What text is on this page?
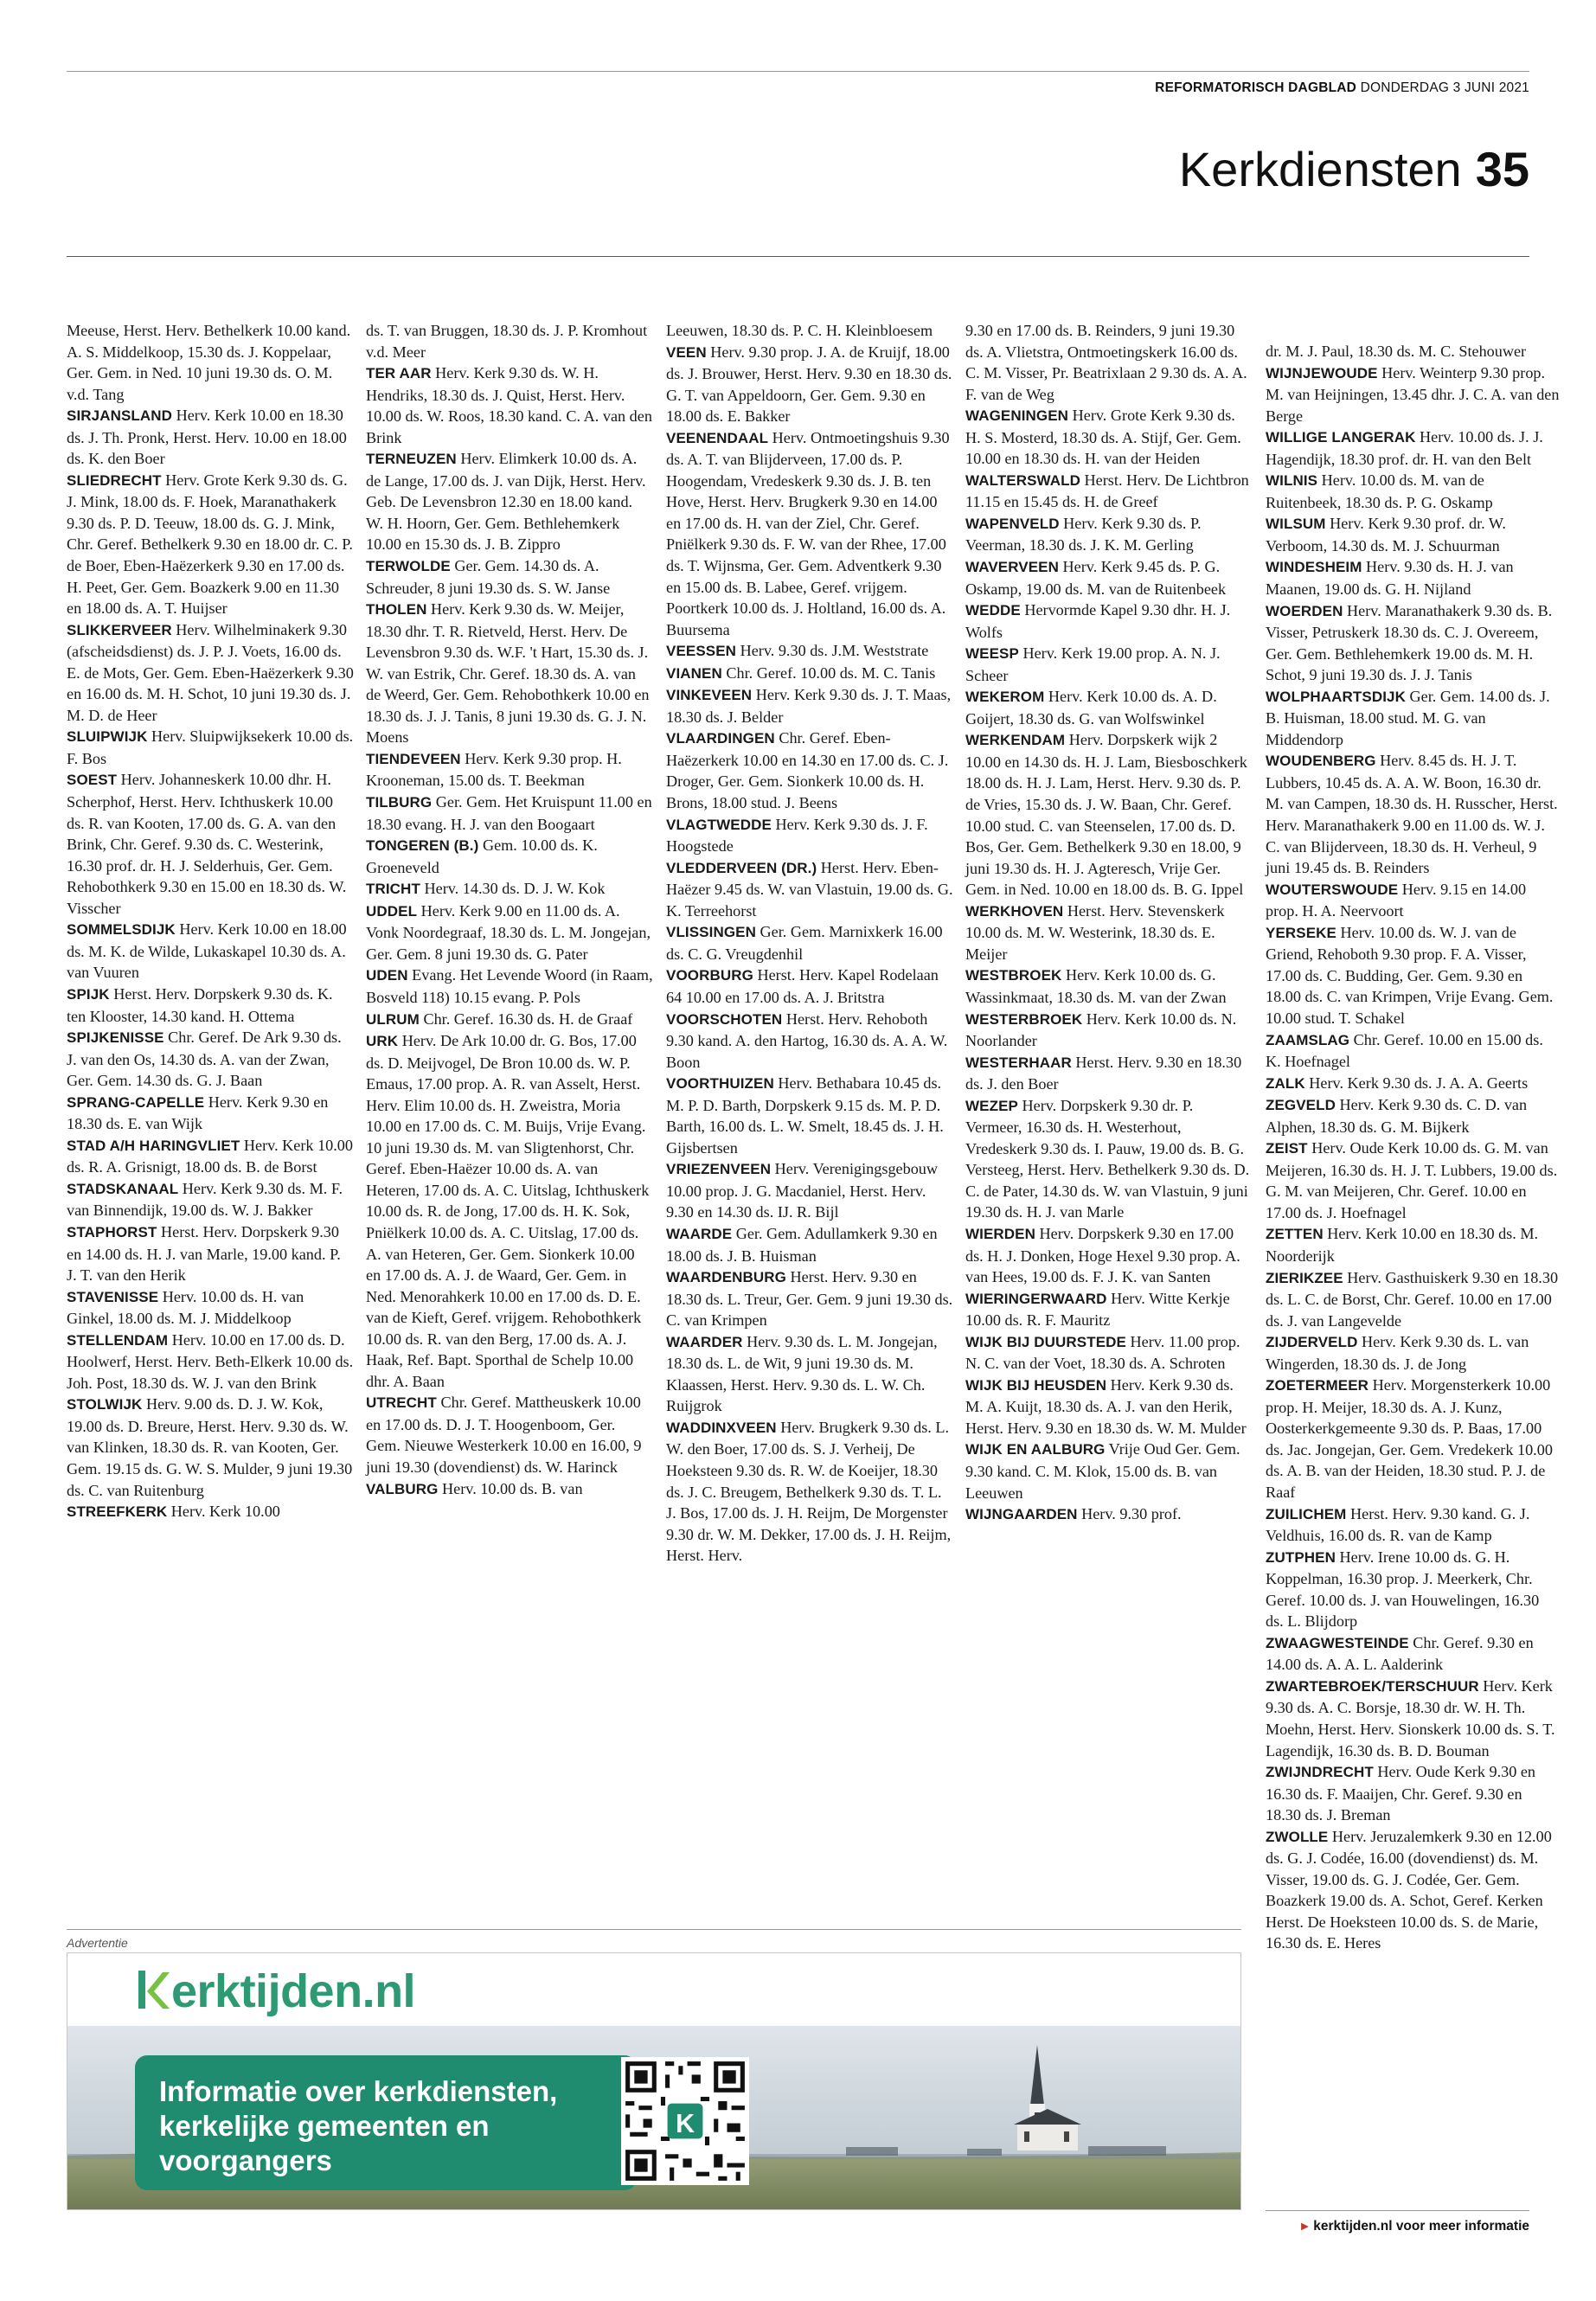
REFORMATORISCH DAGBLAD DONDERDAG 3 JUNI 2021
Kerkdiensten 35

Meeuse, Herst. Herv. Bethelkerk 10.00 kand. A. S. Middelkoop, 15.30 ds. J. Koppelaar, Ger. Gem. in Ned. 10 juni 19.30 ds. O. M. v.d. Tang

SIRJANSLAND Herv. Kerk 10.00 en 18.30 ds. J. Th. Pronk, Herst. Herv. 10.00 en 18.00 ds. K. den Boer

SLIEDRECHT Herv. Grote Kerk 9.30 ds. G. J. Mink, 18.00 ds. F. Hoek, Maranathakerk 9.30 ds. P. D. Teeuw, 18.00 ds. G. J. Mink, Chr. Geref. Bethelkerk 9.30 en 18.00 dr. C. P. de Boer, Eben-Haëzerkerk 9.30 en 17.00 ds. H. Peet, Ger. Gem. Boazkerk 9.00 en 11.30 en 18.00 ds. A. T. Huijser

SLIKKERVEER Herv. Wilhelminakerk 9.30 (afscheidsdienst) ds. J. P. J. Voets, 16.00 ds. E. de Mots, Ger. Gem. Eben-Haëzerkerk 9.30 en 16.00 ds. M. H. Schot, 10 juni 19.30 ds. J. M. D. de Heer

SLUIPWIJK Herv. Sluipwijksekerk 10.00 ds. F. Bos

SOEST Herv. Johanneskerk 10.00 dhr. H. Scherphof, Herst. Herv. Ichthuskerk 10.00 ds. R. van Kooten, 17.00 ds. G. A. van den Brink, Chr. Geref. 9.30 ds. C. Westerink, 16.30 prof. dr. H. J. Selderhuis, Ger. Gem. Rehobothkerk 9.30 en 15.00 en 18.30 ds. W. Visscher

SOMMELSDIJK Herv. Kerk 10.00 en 18.00 ds. M. K. de Wilde, Lukaskapel 10.30 ds. A. van Vuuren

SPIJK Herst. Herv. Dorpskerk 9.30 ds. K. ten Klooster, 14.30 kand. H. Ottema

SPIJKENISSE Chr. Geref. De Ark 9.30 ds. J. van den Os, 14.30 ds. A. van der Zwan, Ger. Gem. 14.30 ds. G. J. Baan

SPRANG-CAPELLE Herv. Kerk 9.30 en 18.30 ds. E. van Wijk

STAD A/H HARINGVLIET Herv. Kerk 10.00 ds. R. A. Grisnigt, 18.00 ds. B. de Borst

STADSKANAAL Herv. Kerk 9.30 ds. M. F. van Binnendijk, 19.00 ds. W. J. Bakker

STAPHORST Herst. Herv. Dorpskerk 9.30 en 14.00 ds. H. J. van Marle, 19.00 kand. P. J. T. van den Herik

STAVENISSE Herv. 10.00 ds. H. van Ginkel, 18.00 ds. M. J. Middelkoop

STELLENDAM Herv. 10.00 en 17.00 ds. D. Hoolwerf, Herst. Herv. Beth-Elkerk 10.00 ds. Joh. Post, 18.30 ds. W. J. van den Brink

STOLWIJK Herv. 9.00 ds. D. J. W. Kok, 19.00 ds. D. Breure, Herst. Herv. 9.30 ds. W. van Klinken, 18.30 ds. R. van Kooten, Ger. Gem. 19.15 ds. G. W. S. Mulder, 9 juni 19.30 ds. C. van Ruitenburg

STREEFKERK Herv. Kerk 10.00

ds. T. van Bruggen, 18.30 ds. J. P. Kromhout v.d. Meer

TER AAR Herv. Kerk 9.30 ds. W. H. Hendriks, 18.30 ds. J. Quist, Herst. Herv. 10.00 ds. W. Roos, 18.30 kand. C. A. van den Brink

TERNEUZEN Herv. Elimkerk 10.00 ds. A. de Lange, 17.00 ds. J. van Dijk, Herst. Herv. Geb. De Levensbron 12.30 en 18.00 kand. W. H. Hoorn, Ger. Gem. Bethlehemkerk 10.00 en 15.30 ds. J. B. Zippro

TERWOLDE Ger. Gem. 14.30 ds. A. Schreuder, 8 juni 19.30 ds. S. W. Janse

THOLEN Herv. Kerk 9.30 ds. W. Meijer, 18.30 dhr. T. R. Rietveld, Herst. Herv. De Levensbron 9.30 ds. W.F. 't Hart, 15.30 ds. J. W. van Estrik, Chr. Geref. 18.30 ds. A. van de Weerd, Ger. Gem. Rehobothkerk 10.00 en 18.30 ds. J. J. Tanis, 8 juni 19.30 ds. G. J. N. Moens

TIENDEVEEN Herv. Kerk 9.30 prop. H. Krooneman, 15.00 ds. T. Beekman

TILBURG Ger. Gem. Het Kruispunt 11.00 en 18.30 evang. H. J. van den Boogaart

TONGEREN (B.) Gem. 10.00 ds. K. Groeneveld

TRICHT Herv. 14.30 ds. D. J. W. Kok

UDDEL Herv. Kerk 9.00 en 11.00 ds. A. Vonk Noordegraaf, 18.30 ds. L. M. Jongejan, Ger. Gem. 8 juni 19.30 ds. G. Pater

UDEN Evang. Het Levende Woord (in Raam, Bosveld 118) 10.15 evang. P. Pols

ULRUM Chr. Geref. 16.30 ds. H. de Graaf

URK Herv. De Ark 10.00 dr. G. Bos, 17.00 ds. D. Meijvogel, De Bron 10.00 ds. W. P. Emaus, 17.00 prop. A. R. van Asselt, Herst. Herv. Elim 10.00 ds. H. Zweistra, Moria 10.00 en 17.00 ds. C. M. Buijs, Vrije Evang. 10 juni 19.30 ds. M. van Sligtenhorst, Chr. Geref. Eben-Haëzer 10.00 ds. A. van Heteren, 17.00 ds. A. C. Uitslag, Ichthuskerk 10.00 ds. R. de Jong, 17.00 ds. H. K. Sok, Pniëlkerk 10.00 ds. A. C. Uitslag, 17.00 ds. A. van Heteren, Ger. Gem. Sionkerk 10.00 en 17.00 ds. A. J. de Waard, Ger. Gem. in Ned. Menorahkerk 10.00 en 17.00 ds. D. E. van de Kieft, Geref. vrijgem. Rehobothkerk 10.00 ds. R. van den Berg, 17.00 ds. A. J. Haak, Ref. Bapt. Sporthal de Schelp 10.00 dhr. A. Baan

UTRECHT Chr. Geref. Mattheuskerk 10.00 en 17.00 ds. D. J. T. Hoogenboom, Ger. Gem. Nieuwe Westerkerk 10.00 en 16.00, 9 juni 19.30 (dovendienst) ds. W. Harinck

VALBURG Herv. 10.00 ds. B. van

Leeuwen, 18.30 ds. P. C. H. Kleinbloesem

VEEN Herv. 9.30 prop. J. A. de Kruijf, 18.00 ds. J. Brouwer, Herst. Herv. 9.30 en 18.30 ds. G. T. van Appeldoorn, Ger. Gem. 9.30 en 18.00 ds. E. Bakker

VEENENDAAL Herv. Ontmoetingshuis 9.30 ds. A. T. van Blijderveen, 17.00 ds. P. Hoogendam, Vredeskerk 9.30 ds. J. B. ten Hove, Herst. Herv. Brugkerk 9.30 en 14.00 en 17.00 ds. H. van der Ziel, Chr. Geref. Pniëlkerk 9.30 ds. F. W. van der Rhee, 17.00 ds. T. Wijnsma, Ger. Gem. Adventkerk 9.30 en 15.00 ds. B. Labee, Geref. vrijgem. Poortkerk 10.00 ds. J. Holtland, 16.00 ds. A. Buursema

VEESSEN Herv. 9.30 ds. J.M. Weststrate

VIANEN Chr. Geref. 10.00 ds. M. C. Tanis

VINKEVEEN Herv. Kerk 9.30 ds. J. T. Maas, 18.30 ds. J. Belder

VLAARDINGEN Chr. Geref. Eben-Haëzerkerk 10.00 en 14.30 en 17.00 ds. C. J. Droger, Ger. Gem. Sionkerk 10.00 ds. H. Brons, 18.00 stud. J. Beens

VLAGTWEDDE Herv. Kerk 9.30 ds. J. F. Hoogstede

VLEDDERVEEN (DR.) Herst. Herv. Eben-Haëzer 9.45 ds. W. van Vlastuin, 19.00 ds. G. K. Terreehorst

VLISSINGEN Ger. Gem. Marnixkerk 16.00 ds. C. G. Vreugdenhil

VOORBURG Herst. Herv. Kapel Rodelaan 64 10.00 en 17.00 ds. A. J. Britstra

VOORSCHOTEN Herst. Herv. Rehoboth 9.30 kand. A. den Hartog, 16.30 ds. A. A. W. Boon

VOORTHUIZEN Herv. Bethabara 10.45 ds. M. P. D. Barth, Dorpskerk 9.15 ds. M. P. D. Barth, 16.00 ds. L. W. Smelt, 18.45 ds. J. H. Gijsbertsen

VRIEZENVEEN Herv. Verenigingsgebouw 10.00 prop. J. G. Macdaniel, Herst. Herv. 9.30 en 14.30 ds. IJ. R. Bijl

WAARDE Ger. Gem. Adullamkerk 9.30 en 18.00 ds. J. B. Huisman

WAARDENBURG Herst. Herv. 9.30 en 18.30 ds. L. Treur, Ger. Gem. 9 juni 19.30 ds. C. van Krimpen

WAARDER Herv. 9.30 ds. L. M. Jongejan, 18.30 ds. L. de Wit, 9 juni 19.30 ds. M. Klaassen, Herst. Herv. 9.30 ds. L. W. Ch. Ruijgrok

WADDINXVEEN Herv. Brugkerk 9.30 ds. L. W. den Boer, 17.00 ds. S. J. Verheij, De Hoeksteen 9.30 ds. R. W. de Koeijer, 18.30 ds. J. C. Breugem, Bethelkerk 9.30 ds. T. L. J. Bos, 17.00 ds. J. H. Reijm, De Morgenster 9.30 dr. W. M. Dekker, 17.00 ds. J. H. Reijm, Herst. Herv.

9.30 en 17.00 ds. B. Reinders, 9 juni 19.30 ds. A. Vlietstra, Ontmoetingskerk 16.00 ds. C. M. Visser, Pr. Beatrixlaan 2 9.30 ds. A. A. F. van de Weg

WAGENINGEN Herv. Grote Kerk 9.30 ds. H. S. Mosterd, 18.30 ds. A. Stijf, Ger. Gem. 10.00 en 18.30 ds. H. van der Heiden

WALTERSWALD Herst. Herv. De Lichtbron 11.15 en 15.45 ds. H. de Greef

WAPENVELD Herv. Kerk 9.30 ds. P. Veerman, 18.30 ds. J. K. M. Gerling

WAVERVEEN Herv. Kerk 9.45 ds. P. G. Oskamp, 19.00 ds. M. van de Ruitenbeek

WEDDE Hervormde Kapel 9.30 dhr. H. J. Wolfs

WEESP Herv. Kerk 19.00 prop. A. N. J. Scheer

WEKEROM Herv. Kerk 10.00 ds. A. D. Goijert, 18.30 ds. G. van Wolfswinkel

WERKENDAM Herv. Dorpskerk wijk 2 10.00 en 14.30 ds. H. J. Lam, Biesboschkerk 18.00 ds. H. J. Lam, Herst. Herv. 9.30 ds. P. de Vries, 15.30 ds. J. W. Baan, Chr. Geref. 10.00 stud. C. van Steenselen, 17.00 ds. D. Bos, Ger. Gem. Bethelkerk 9.30 en 18.00, 9 juni 19.30 ds. H. J. Agteresch, Vrije Ger. Gem. in Ned. 10.00 en 18.00 ds. B. G. Ippel

WERKHOVEN Herst. Herv. Stevenskerk 10.00 ds. M. W. Westerink, 18.30 ds. E. Meijer

WESTBROEK Herv. Kerk 10.00 ds. G. Wassinkmaat, 18.30 ds. M. van der Zwan

WESTERBROEK Herv. Kerk 10.00 ds. N. Noorlander

WESTERHAAR Herst. Herv. 9.30 en 18.30 ds. J. den Boer

WEZEP Herv. Dorpskerk 9.30 dr. P. Vermeer, 16.30 ds. H. Westerhout, Vredeskerk 9.30 ds. I. Pauw, 19.00 ds. B. G. Versteeg, Herst. Herv. Bethelkerk 9.30 ds. D. C. de Pater, 14.30 ds. W. van Vlastuin, 9 juni 19.30 ds. H. J. van Marle

WIERDEN Herv. Dorpskerk 9.30 en 17.00 ds. H. J. Donken, Hoge Hexel 9.30 prop. A. van Hees, 19.00 ds. F. J. K. van Santen

WIERINGERWAARD Herv. Witte Kerkje 10.00 ds. R. F. Mauritz

WIJK BIJ DUURSTEDE Herv. 11.00 prop. N. C. van der Voet, 18.30 ds. A. Schroten

WIJK BIJ HEUSDEN Herv. Kerk 9.30 ds. M. A. Kuijt, 18.30 ds. A. J. van den Herik, Herst. Herv. 9.30 en 18.30 ds. W. M. Mulder

WIJK EN AALBURG Vrije Oud Ger. Gem. 9.30 kand. C. M. Klok, 15.00 ds. B. van Leeuwen

WIJNGAARDEN Herv. 9.30 prof.

dr. M. J. Paul, 18.30 ds. M. C. Stehouwer

WIJNJEWOUDE Herv. Weinterp 9.30 prop. M. van Heijningen, 13.45 dhr. J. C. A. van den Berge

WILLIGE LANGERAK Herv. 10.00 ds. J. J. Hagendijk, 18.30 prof. dr. H. van den Belt

WILNIS Herv. 10.00 ds. M. van de Ruitenbeek, 18.30 ds. P. G. Oskamp

WILSUM Herv. Kerk 9.30 prof. dr. W. Verboom, 14.30 ds. M. J. Schuurman

WINDESHEIM Herv. 9.30 ds. H. J. van Maanen, 19.00 ds. G. H. Nijland

WOERDEN Herv. Maranathakerk 9.30 ds. B. Visser, Petruskerk 18.30 ds. C. J. Overeem, Ger. Gem. Bethlehemkerk 19.00 ds. M. H. Schot, 9 juni 19.30 ds. J. J. Tanis

WOLPHAARTSDIJK Ger. Gem. 14.00 ds. J. B. Huisman, 18.00 stud. M. G. van Middendorp

WOUDENBERG Herv. 8.45 ds. H. J. T. Lubbers, 10.45 ds. A. A. W. Boon, 16.30 dr. M. van Campen, 18.30 ds. H. Russcher, Herst. Herv. Maranathakerk 9.00 en 11.00 ds. W. J. C. van Blijderveen, 18.30 ds. H. Verheul, 9 juni 19.45 ds. B. Reinders

WOUTERSWOUDE Herv. 9.15 en 14.00 prop. H. A. Neervoort

YERSEKE Herv. 10.00 ds. W. J. van de Griend, Rehoboth 9.30 prop. F. A. Visser, 17.00 ds. C. Budding, Ger. Gem. 9.30 en 18.00 ds. C. van Krimpen, Vrije Evang. Gem. 10.00 stud. T. Schakel

ZAAMSLAG Chr. Geref. 10.00 en 15.00 ds. K. Hoefnagel

ZALK Herv. Kerk 9.30 ds. J. A. A. Geerts

ZEGVELD Herv. Kerk 9.30 ds. C. D. van Alphen, 18.30 ds. G. M. Bijkerk

ZEIST Herv. Oude Kerk 10.00 ds. G. M. van Meijeren, 16.30 ds. H. J. T. Lubbers, 19.00 ds. G. M. van Meijeren, Chr. Geref. 10.00 en 17.00 ds. J. Hoefnagel

ZETTEN Herv. Kerk 10.00 en 18.30 ds. M. Noorderijk

ZIERIKZEE Herv. Gasthuiskerk 9.30 en 18.30 ds. L. C. de Borst, Chr. Geref. 10.00 en 17.00 ds. J. van Langevelde

ZIJDERVELD Herv. Kerk 9.30 ds. L. van Wingerden, 18.30 ds. J. de Jong

ZOETERMEER Herv. Morgensterkerk 10.00 prop. H. Meijer, 18.30 ds. A. J. Kunz, Oosterkerkgemeente 9.30 ds. P. Baas, 17.00 ds. Jac. Jongejan, Ger. Gem. Vredekerk 10.00 ds. A. B. van der Heiden, 18.30 stud. P. J. de Raaf

ZUILICHEM Herst. Herv. 9.30 kand. G. J. Veldhuis, 16.00 ds. R. van de Kamp

ZUTPHEN Herv. Irene 10.00 ds. G. H. Koppelman, 16.30 prop. J. Meerkerk, Chr. Geref. 10.00 ds. J. van Houwelingen, 16.30 ds. L. Blijdorp

ZWAAGWESTEINDE Chr. Geref. 9.30 en 14.00 ds. A. A. L. Aalderink

ZWARTEBROEK/TERSCHUUR Herv. Kerk 9.30 ds. A. C. Borsje, 18.30 dr. W. H. Th. Moehn, Herst. Herv. Sionskerk 10.00 ds. S. T. Lagendijk, 16.30 ds. B. D. Bouman

ZWIJNDRECHT Herv. Oude Kerk 9.30 en 16.30 ds. F. Maaijen, Chr. Geref. 9.30 en 18.30 ds. J. Breman

ZWOLLE Herv. Jeruzalemkerk 9.30 en 12.00 ds. G. J. Codée, 16.00 (dovendienst) ds. M. Visser, 19.00 ds. G. J. Codée, Ger. Gem. Boazkerk 19.00 ds. A. Schot, Geref. Kerken Herst. De Hoeksteen 10.00 ds. S. de Marie, 16.30 ds. E. Heres

Advertentie
erktijden.nl

Informatie over kerkdiensten,

kerkelijke gemeenten en

voorgangers

K
▸ kerktijden.nl voor meer informatie
